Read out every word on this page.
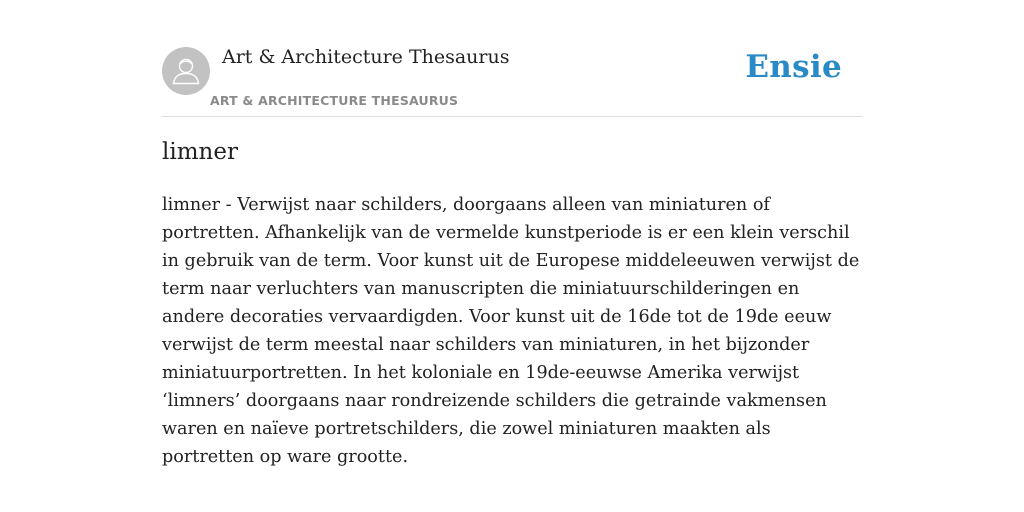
Art & Architecture Thesaurus
ART & ARCHITECTURE THESAURUS
Ensie
limner

limner - Verwijst naar schilders, doorgaans alleen van miniaturen of portretten. Afhankelijk van de vermelde kunstperiode is er een klein verschil in gebruik van de term. Voor kunst uit de Europese middeleeuwen verwijst de term naar verluchters van manuscripten die miniatuurschilderingen en andere decoraties vervaardigden. Voor kunst uit de 16de tot de 19de eeuw verwijst de term meestal naar schilders van miniaturen, in het bijzonder miniatuurportretten. In het koloniale en 19de-eeuwse Amerika verwijst ‘limners’ doorgaans naar rondreizende schilders die getrainde vakmensen waren en naïeve portretschilders, die zowel miniaturen maakten als portretten op ware grootte.
